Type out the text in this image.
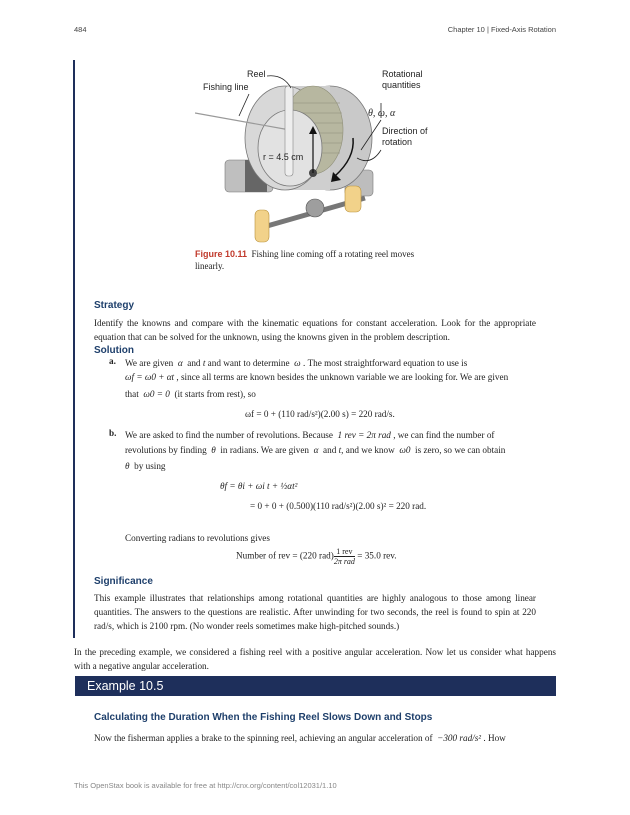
484	Chapter 10 | Fixed-Axis Rotation
Reel
Fishing line
Rotational quantities
θ, ω, α
Direction of rotation
r = 4.5 cm
Figure 10.11 Fishing line coming off a rotating reel moves linearly.
Strategy
Identify the knowns and compare with the kinematic equations for constant acceleration. Look for the appropriate equation that can be solved for the unknown, using the knowns given in the problem description.
Solution
a. We are given α and t and want to determine ω . The most straightforward equation to use is
ωf = ω0 + αt , since all terms are known besides the unknown variable we are looking for. We are given
that ω0 = 0 (it starts from rest), so
ωf = 0 + (110 rad/s²)(2.00 s) = 220 rad/s.
b. We are asked to find the number of revolutions. Because 1 rev = 2π rad , we can find the number of
revolutions by finding θ in radians. We are given α and t, and we know ω0 is zero, so we can obtain
θ by using
θf = θi + ωi t + ½αt²
= 0 + 0 + (0.500)(110 rad/s²)(2.00 s)² = 220 rad.
Converting radians to revolutions gives
Number of rev = (220 $rad) \frac{\text{1 rev}}{\text{2π rad}} = 35.0$ rev.
Significance
This example illustrates that relationships among rotational quantities are highly analogous to those among linear quantities. The answers to the questions are realistic. After unwinding for two seconds, the reel is found to spin at 220 rad/s, which is 2100 rpm. (No wonder reels sometimes make high-pitched sounds.)
In the preceding example, we considered a fishing reel with a positive angular acceleration. Now let us consider what happens with a negative angular acceleration.
Example 10.5
Calculating the Duration When the Fishing Reel Slows Down and Stops
Now the fisherman applies a brake to the spinning reel, achieving an angular acceleration of −300 rad/s² . How
This OpenStax book is available for free at http://cnx.org/content/col12031/1.10
